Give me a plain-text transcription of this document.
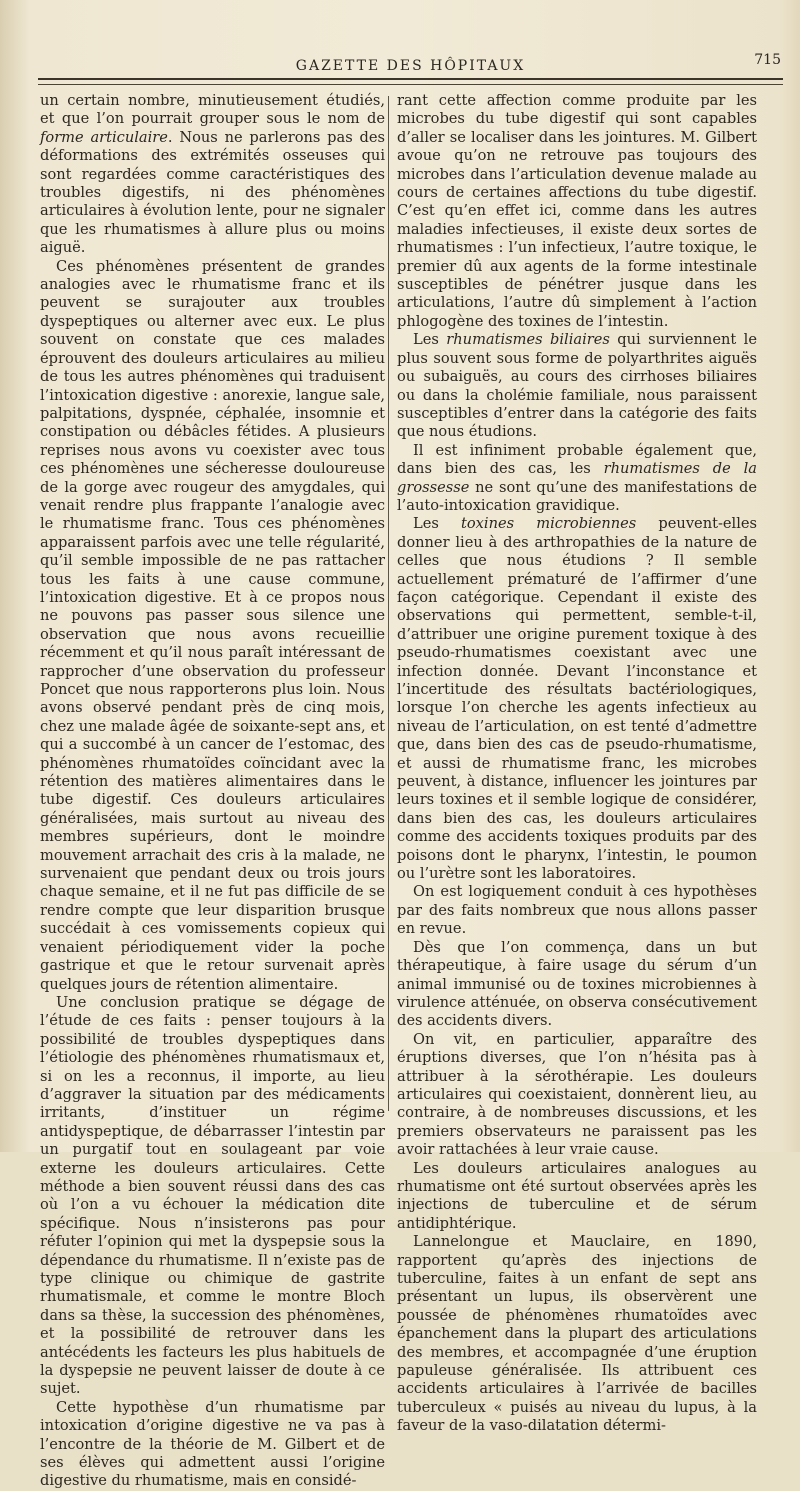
GAZETTE DES HÔPITAUX	715

un certain nombre, minutieusement étudiés, et que l’on pourrait grouper sous le nom de forme articulaire. Nous ne parlerons pas des déformations des extrémités osseuses qui sont regardées comme caractéristiques des troubles digestifs, ni des phénomènes articulaires à évolution lente, pour ne signaler que les rhumatismes à allure plus ou moins aiguë.

Ces phénomènes présentent de grandes analogies avec le rhumatisme franc et ils peuvent se surajouter aux troubles dyspeptiques ou alterner avec eux. Le plus souvent on constate que ces malades éprouvent des douleurs articulaires au milieu de tous les autres phénomènes qui traduisent l’intoxication digestive : anorexie, langue sale, palpitations, dyspnée, céphalée, insomnie et constipation ou débâcles fétides. A plusieurs reprises nous avons vu coexister avec tous ces phénomènes une sécheresse douloureuse de la gorge avec rougeur des amygdales, qui venait rendre plus frappante l’analogie avec le rhumatisme franc. Tous ces phénomènes apparaissent parfois avec une telle régularité, qu’il semble impossible de ne pas rattacher tous les faits à une cause commune, l’intoxication digestive. Et à ce propos nous ne pouvons pas passer sous silence une observation que nous avons recueillie récemment et qu’il nous paraît intéressant de rapprocher d’une observation du professeur Poncet que nous rapporterons plus loin. Nous avons observé pendant près de cinq mois, chez une malade âgée de soixante-sept ans, et qui a succombé à un cancer de l’estomac, des phénomènes rhumatoïdes coïncidant avec la rétention des matières alimentaires dans le tube digestif. Ces douleurs articulaires généralisées, mais surtout au niveau des membres supérieurs, dont le moindre mouvement arrachait des cris à la malade, ne survenaient que pendant deux ou trois jours chaque semaine, et il ne fut pas difficile de se rendre compte que leur disparition brusque succédait à ces vomissements copieux qui venaient périodiquement vider la poche gastrique et que le retour survenait après quelques jours de rétention alimentaire.

Une conclusion pratique se dégage de l’étude de ces faits : penser toujours à la possibilité de troubles dyspeptiques dans l’étiologie des phénomènes rhumatismaux et, si on les a reconnus, il importe, au lieu d’aggraver la situation par des médicaments irritants, d’instituer un régime antidyspeptique, de débarrasser l’intestin par un purgatif tout en soulageant par voie externe les douleurs articulaires. Cette méthode a bien souvent réussi dans des cas où l’on a vu échouer la médication dite spécifique. Nous n’insisterons pas pour réfuter l’opinion qui met la dyspepsie sous la dépendance du rhumatisme. Il n’existe pas de type clinique ou chimique de gastrite rhumatismale, et comme le montre Bloch dans sa thèse, la succession des phénomènes, et la possibilité de retrouver dans les antécédents les facteurs les plus habituels de la dyspepsie ne peuvent laisser de doute à ce sujet.

Cette hypothèse d’un rhumatisme par intoxication d’origine digestive ne va pas à l’encontre de la théorie de M. Gilbert et de ses élèves qui admettent aussi l’origine digestive du rhumatisme, mais en considé-

rant cette affection comme produite par les microbes du tube digestif qui sont capables d’aller se localiser dans les jointures. M. Gilbert avoue qu’on ne retrouve pas toujours des microbes dans l’articulation devenue malade au cours de certaines affections du tube digestif. C’est qu’en effet ici, comme dans les autres maladies infectieuses, il existe deux sortes de rhumatismes : l’un infectieux, l’autre toxique, le premier dû aux agents de la forme intestinale susceptibles de pénétrer jusque dans les articulations, l’autre dû simplement à l’action phlogogène des toxines de l’intestin.

Les rhumatismes biliaires qui surviennent le plus souvent sous forme de polyarthrites aiguës ou subaiguës, au cours des cirrhoses biliaires ou dans la cholémie familiale, nous paraissent susceptibles d’entrer dans la catégorie des faits que nous étudions.

Il est infiniment probable également que, dans bien des cas, les rhumatismes de la grossesse ne sont qu’une des manifestations de l’auto-intoxication gravidique.

Les toxines microbiennes peuvent-elles donner lieu à des arthropathies de la nature de celles que nous étudions ? Il semble actuellement prématuré de l’affirmer d’une façon catégorique. Cependant il existe des observations qui permettent, semble-t-il, d’attribuer une origine purement toxique à des pseudo-rhumatismes coexistant avec une infection donnée. Devant l’inconstance et l’incertitude des résultats bactériologiques, lorsque l’on cherche les agents infectieux au niveau de l’articulation, on est tenté d’admettre que, dans bien des cas de pseudo-rhumatisme, et aussi de rhumatisme franc, les microbes peuvent, à distance, influencer les jointures par leurs toxines et il semble logique de considérer, dans bien des cas, les douleurs articulaires comme des accidents toxiques produits par des poisons dont le pharynx, l’intestin, le poumon ou l’urètre sont les laboratoires.

On est logiquement conduit à ces hypothèses par des faits nombreux que nous allons passer en revue.

Dès que l’on commença, dans un but thérapeutique, à faire usage du sérum d’un animal immunisé ou de toxines microbiennes à virulence atténuée, on observa consécutivement des accidents divers.

On vit, en particulier, apparaître des éruptions diverses, que l’on n’hésita pas à attribuer à la sérothérapie. Les douleurs articulaires qui coexistaient, donnèrent lieu, au contraire, à de nombreuses discussions, et les premiers observateurs ne paraissent pas les avoir rattachées à leur vraie cause.

Les douleurs articulaires analogues au rhumatisme ont été surtout observées après les injections de tuberculine et de sérum antidiphtérique.

Lannelongue et Mauclaire, en 1890, rapportent qu’après des injections de tuberculine, faites à un enfant de sept ans présentant un lupus, ils observèrent une poussée de phénomènes rhumatoïdes avec épanchement dans la plupart des articulations des membres, et accompagnée d’une éruption papuleuse généralisée. Ils attribuent ces accidents articulaires à l’arrivée de bacilles tuberculeux « puisés au niveau du lupus, à la faveur de la vaso-dilatation détermi-
